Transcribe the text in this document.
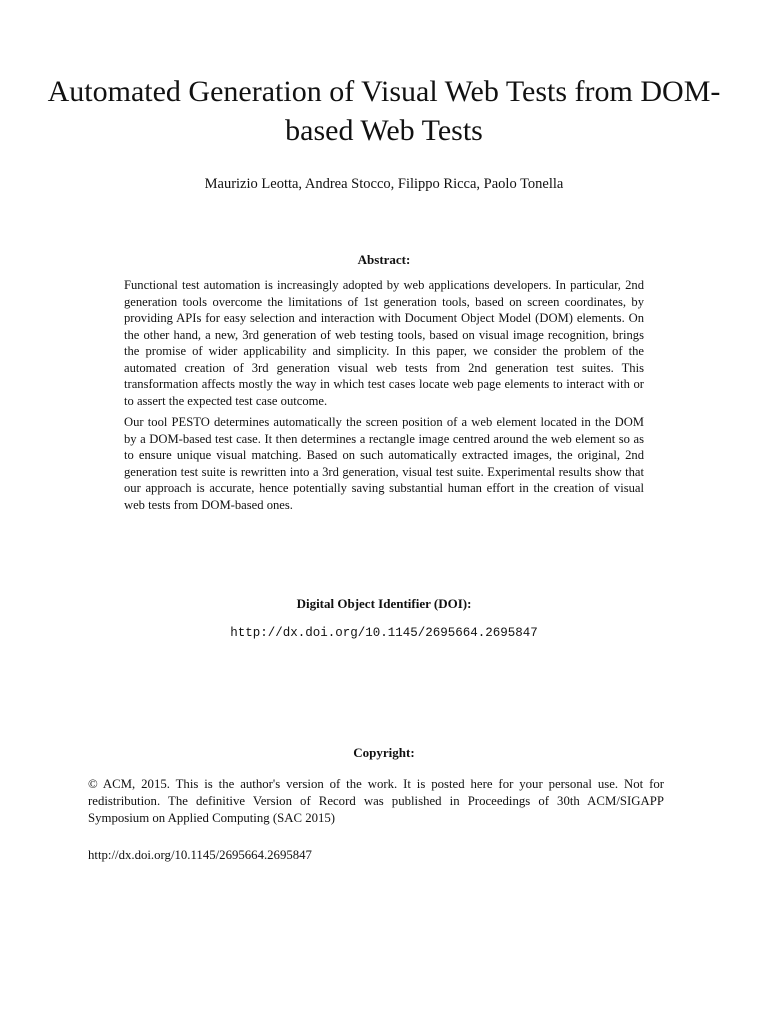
Automated Generation of Visual Web Tests from DOM-based Web Tests

Maurizio Leotta, Andrea Stocco, Filippo Ricca, Paolo Tonella

Abstract:

Functional test automation is increasingly adopted by web applications developers. In particular, 2nd generation tools overcome the limitations of 1st generation tools, based on screen coordinates, by providing APIs for easy selection and interaction with Document Object Model (DOM) elements. On the other hand, a new, 3rd generation of web testing tools, based on visual image recognition, brings the promise of wider applicability and simplicity. In this paper, we consider the problem of the automated creation of 3rd generation visual web tests from 2nd generation test suites. This transformation affects mostly the way in which test cases locate web page elements to interact with or to assert the expected test case outcome.

Our tool PESTO determines automatically the screen position of a web element located in the DOM by a DOM-based test case. It then determines a rectangle image centred around the web element so as to ensure unique visual matching. Based on such automatically extracted images, the original, 2nd generation test suite is rewritten into a 3rd generation, visual test suite. Experimental results show that our approach is accurate, hence potentially saving substantial human effort in the creation of visual web tests from DOM-based ones.

Digital Object Identifier (DOI):

http://dx.doi.org/10.1145/2695664.2695847

Copyright:

© ACM, 2015. This is the author's version of the work. It is posted here for your personal use. Not for redistribution. The definitive Version of Record was published in Proceedings of 30th ACM/SIGAPP Symposium on Applied Computing (SAC 2015)

http://dx.doi.org/10.1145/2695664.2695847
